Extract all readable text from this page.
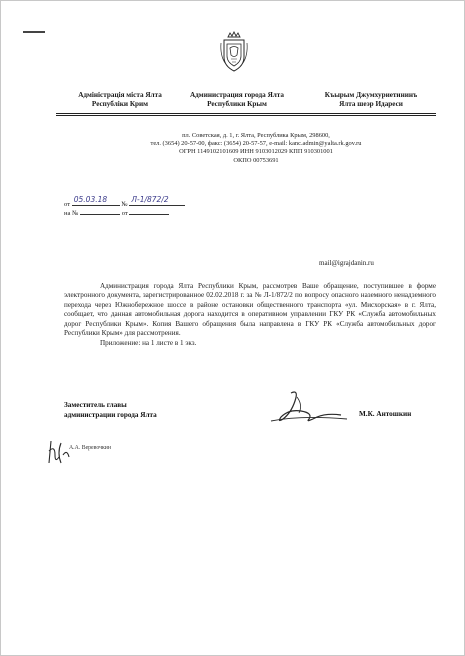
Адміністрація міста Ялта
Республіки Крим
Администрация города Ялта
Республики Крым
Къырым Джумхуриетининъ
Ялта шеэр Идареси
пл. Советская, д. 1, г. Ялта, Республика Крым, 298600,
тел. (3654) 20-57-00, факс: (3654) 20-57-57, e-mail: kanc.admin@yalta.rk.gov.ru
ОГРН 1149102101609 ИНН 9103012029 КПП 910301001
ОКПО 00753691
от
05.03.18
№
Л-1/872/2
на №	от
mail@igrajdanin.ru

Администрация города Ялта Республики Крым, рассмотрев Ваше обращение, поступившее в форме электронного документа, зарегистрированное 02.02.2018 г. за № Л-1/872/2 по вопросу опасного наземного ненадземного перехода через Южнобережное шоссе в районе остановки общественного транспорта «ул. Мисхорская» в г. Ялта, сообщает, что данная автомобильная дорога находится в оперативном управлении ГКУ РК «Служба автомобильных дорог Республики Крым». Копия Вашего обращения была направлена в ГКУ РК «Служба автомобильных дорог Республики Крым» для рассмотрения.

Приложение: на 1 листе в 1 экз.

Заместитель главы
администрации города Ялта	М.К. Антошкин
А.А. Веревочкин
